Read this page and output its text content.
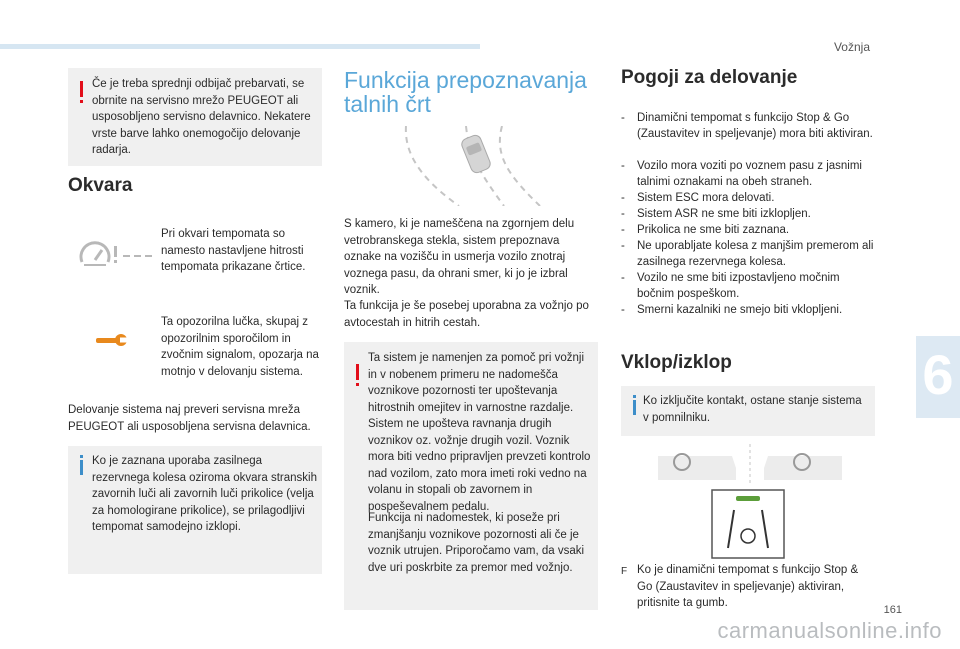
Vožnja
6
Če je treba sprednji odbijač prebarvati, se obrnite na servisno mrežo PEUGEOT ali usposobljeno servisno delavnico. Nekatere vrste barve lahko onemogočijo delovanje radarja.
Okvara
Pri okvari tempomata so namesto nastavljene hitrosti tempomata prikazane črtice.
Ta opozorilna lučka, skupaj z opozorilnim sporočilom in zvočnim signalom, opozarja na motnjo v delovanju sistema.
Delovanje sistema naj preveri servisna mreža PEUGEOT ali usposobljena servisna delavnica.
Ko je zaznana uporaba zasilnega rezervnega kolesa oziroma okvara stranskih zavornih luči ali zavornih luči prikolice (velja za homologirane prikolice), se prilagodljivi tempomat samodejno izklopi.
Funkcija prepoznavanja
talnih črt
S kamero, ki je nameščena na zgornjem delu vetrobranskega stekla, sistem prepoznava oznake na vozišču in usmerja vozilo znotraj voznega pasu, da ohrani smer, ki jo je izbral voznik.
Ta funkcija je še posebej uporabna za vožnjo po avtocestah in hitrih cestah.
Ta sistem je namenjen za pomoč pri vožnji in v nobenem primeru ne nadomešča voznikove pozornosti ter upoštevanja hitrostnih omejitev in varnostne razdalje. Sistem ne upošteva ravnanja drugih voznikov oz. vožnje drugih vozil. Voznik mora biti vedno pripravljen prevzeti kontrolo nad vozilom, zato mora imeti roki vedno na volanu in stopali ob zavornem in pospeševalnem pedalu.
Funkcija ni nadomestek, ki poseže pri zmanjšanju voznikove pozornosti ali če je voznik utrujen. Priporočamo vam, da vsaki dve uri poskrbite za premor med vožnjo.
Pogoji za delovanje
- Dinamični tempomat s funkcijo Stop & Go (Zaustavitev in speljevanje) mora biti aktiviran.
- Vozilo mora voziti po voznem pasu z jasnimi talnimi oznakami na obeh straneh.
- Sistem ESC mora delovati.
- Sistem ASR ne sme biti izklopljen.
- Prikolica ne sme biti zaznana.
- Ne uporabljate kolesa z manjšim premerom ali zasilnega rezervnega kolesa.
- Vozilo ne sme biti izpostavljeno močnim bočnim pospeškom.
- Smerni kazalniki ne smejo biti vklopljeni.
Vklop/izklop
Ko izključite kontakt, ostane stanje sistema v pomnilniku.
F Ko je dinamični tempomat s funkcijo Stop & Go (Zaustavitev in speljevanje) aktiviran, pritisnite ta gumb.
161
carmanualsonline.info
